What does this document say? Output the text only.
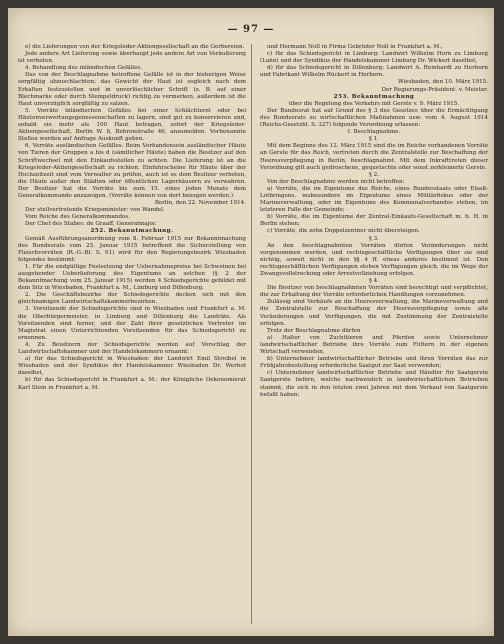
— 97 —

e) die Lieferungen von der Kriegsleder-Aktiengesellschaft an die Gerbereien.

Jede andere Art Lieferung sowie überhaupt jede andere Art von Veräußerung ist verboten.

4. Behandlung des inländischen Gefälles.

Das von der Beschlagnahme betroffene Gefälle ist in der bisherigen Weise sorgfältig abzuschlachten; das Gewicht der Haut ist sogleich nach dem Erkalten festzustellen und in unverlöschlicher Schrift (z. B. auf einer Blechmarke oder durch Stempeldruck) richtig zu vermerken, außerdem ist die Haut unverzüglich sorgfältig zu salzen.

5. Vorräte inländischen Gefälles bei einer Schlächterei oder bei Häutenverwertungsgenossenschaften zu lagern, sind gut zu konservieren und, sobald sie mehr als 100 Haut betragen, sofort der Kriegsleder-Aktiengesellschaft, Berlin W. 8, Behrenstraße 46, anzumelden. Vorbenannte Stellen werden auf Anfrage Auskunft geben.

6. Vorräte ausländischen Gefälles. Beim Vorhandensein ausländischer Häute von Tieren der Gruppen a bis d (sämtlicher Häute) haben die Besitzer auf den Schriftwechsel mit den Einkaufsstellen zu achten. Die Lieferung ist an die Kriegsleder-Aktiengesellschaft zu richten. Einfuhrscheine für Häute über der Hochzeitzeit sind vom Verwalter zu prüfen, auch ist es dem Besitzer verboten, die Häute außer den Städten oder öffentlichen Lagerhäusern zu verwahren. Der Besitzer hat die Vorräte bis zum 15. eines jeden Monats dem Generalkommando anzuzeigen. (Vorräte können von dort bezogen werden.)

Berlin, den 22. November 1914.

Der stellvertretende Kriegsminister: von Wandel.

Vom Reiche des Generalkommandos.

Der Chef des Stabes: de Graaff, Generalmajor.

252. Bekanntmachung.

Gemäß Ausführungsanordnung vom 8. Februar 1915 zur Bekanntmachung des Bundesrats vom 25. Januar 1915 betreffend die Sicherstellung von Fleischvorräten (R.-G.-Bl. S. 61) wird für den Regierungsbezirk Wiesbaden folgendes bestimmt:

1. Für die endgültige Festsetzung der Uebernahmepreise bei Schweinen bei ausgehender Ueberlieferung des Eigentums an solchen (§ 2 der Bekanntmachung vom 25. Januar 1915) werden 4 Schiedsgerichte gebildet mit dem Sitz in Wiesbaden, Frankfurt a. M., Limburg und Dillenburg.

2. Die Geschäftsbezirke der Schiedsgerichte decken sich mit den gleichnamigen Landwirtschaftskammerbezirken.

3. Vorsitzende der Schiedsgerichte sind in Wiesbaden und Frankfurt a. M. die Oberbürgermeister, in Limburg und Dillenburg die Landräte. Als Vorsitzenden sind ferner, und der Zahl ihrer gesetzlichen Vertreter im Magistrat einen Unterrichtenden Vorsitzenden für das Schiedsgericht zu ernennen.

4. Zu Beisitzern der Schiedsgerichte werden auf Vorschlag der Landwirtschaftskammer und der Handelskammern ernannt:

a) für das Schiedsgericht in Wiesbaden: der Landwirt Emil Streibel in Wiesbaden und der Syndikus der Handelskammer Wiesbaden Dr. Werbot daselbst,

b) für das Schiedsgericht in Frankfurt a. M.: der Königliche Oekonomierat Karl Stein in Frankfurt a. M.

und Hermann Noll in Firma Gebrüder Noll in Frankfurt a. M.,

c) für das Schiedsgericht in Limburg: Landwirt Wilhelm Horn zu Limburg (Lahn) und der Syndikus der Handelskammer Limburg Dr. Wickert daselbst,

d) für das Schiedsgericht in Dillenburg: Landwirt A. Reinhardt zu Herborn und Fabrikant Wilhelm Rückert in Herborn.

Wiesbaden, den 10. März 1915.

Der Regierungs-Präsident. v. Meister.

253. Bekanntmachung

über die Regelung des Verkehrs mit Gerste v. 9. März 1915.

Der Bundesrat hat auf Grund des § 3 des Gesetzes über die Ermächtigung des Bundesrats zu wirtschaftlichen Maßnahmen usw. vom 4. August 1914 (Reichs-Gesetzbl. S. 327) folgende Verordnung erlassen:

I. Beschlagnahme.

§ 1.

Mit dem Beginne des 12. März 1915 sind die im Reiche vorhandenen Vorräte an Gerste für das Reich, vertreten durch die Zentralstelle zur Beschaffung der Heeresverpflegung in Berlin, beschlagnahmt. Mit dem Inkrafttreten dieser Verordnung gilt auch gedroschene, gequetschte oder sonst zerkleinerte Gerste.

§ 2.

Von der Beschlagnahme werden nicht betroffen:

a) Vorräte, die im Eigentume des Reichs, eines Bundesstaats oder Elsaß-Lothringens, insbesondere im Eigentume eines Militärfiskus oder der Marineverwaltung, oder im Eigentume des Kommunalverbandes stehen, im letzteren Falle der Gemeinde;

b) Vorräte, die im Eigentume der Zentral-Einkaufs-Gesellschaft m. b. H. in Berlin stehen;

c) Vorräte, die zehn Doppelzentner nicht übersteigen.

§ 3.

An den beschlagnahmten Vorräten dürfen Veränderungen nicht vorgenommen werden, und rechtsgeschäftliche Verfügungen über sie sind nichtig, soweit nicht in den §§ 4 ff. etwas anderes bestimmt ist. Den rechtsgeschäftlichen Verfügungen stehen Verfügungen gleich, die im Wege der Zwangsvollstreckung oder Arrestvollziehung erfolgen.

§ 4.

Die Besitzer von beschlagnahmten Vorräten sind berechtigt und verpflichtet, die zur Erhaltung der Vorräte erforderlichen Handlungen vorzunehmen.

Zulässig sind Verkäufe an die Heeresverwaltung, die Marineverwaltung und die Zentralstelle zur Beschaffung der Heeresverpflegung sowie alle Veränderungen und Verfügungen, die mit Zustimmung der Zentralstelle erfolgen.

Trotz der Beschlagnahme dürfen

a) Halter von Zuchttieren und Pferden sowie Unternehmer landwirtschaftlicher Betriebe ihre Vorräte zum Füttern in der eigenen Wirtschaft verwenden,

b) Unternehmer landwirtschaftlicher Betriebe und ihren Vorräten das zur Frühjahrsbestellung erforderliche Saatgut zur Saat verwenden;

c) Unternehmer landwirtschaftlicher Betriebe und Händler für Saatgerste Saatgerste liefern, welche nachweislich in landwirtschaftlichen Betrieben stammt, die sich in den letzten zwei Jahren mit dem Verkauf von Saatgerste befaßt haben;
